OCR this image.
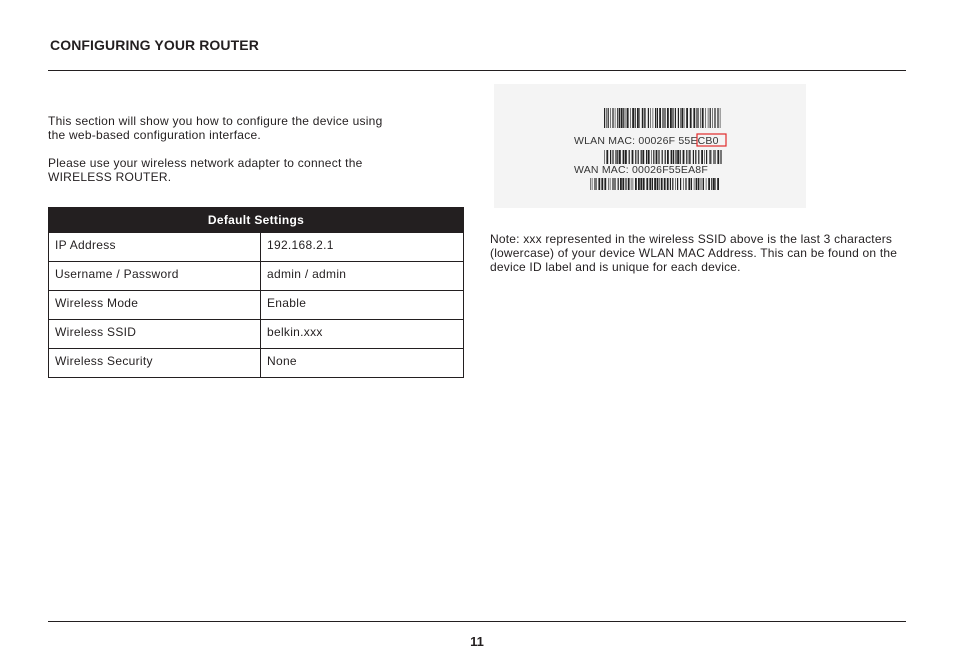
CONFIGURING YOUR ROUTER

This section will show you how to configure the device using the web-based configuration interface.

Please use your wireless network adapter to connect the WIRELESS ROUTER.

Default Settings	
IP Address	192.168.2.1
Username / Password	admin / admin
Wireless Mode	Enable
Wireless SSID	belkin.xxx
Wireless Security	None
WLAN MAC: 00026F 55ECB0
WAN MAC: 00026F55EA8F

Note: xxx represented in the wireless SSID above is the last 3 characters (lowercase) of your device WLAN MAC Address. This can be found on the device ID label and is unique for each device.

11
